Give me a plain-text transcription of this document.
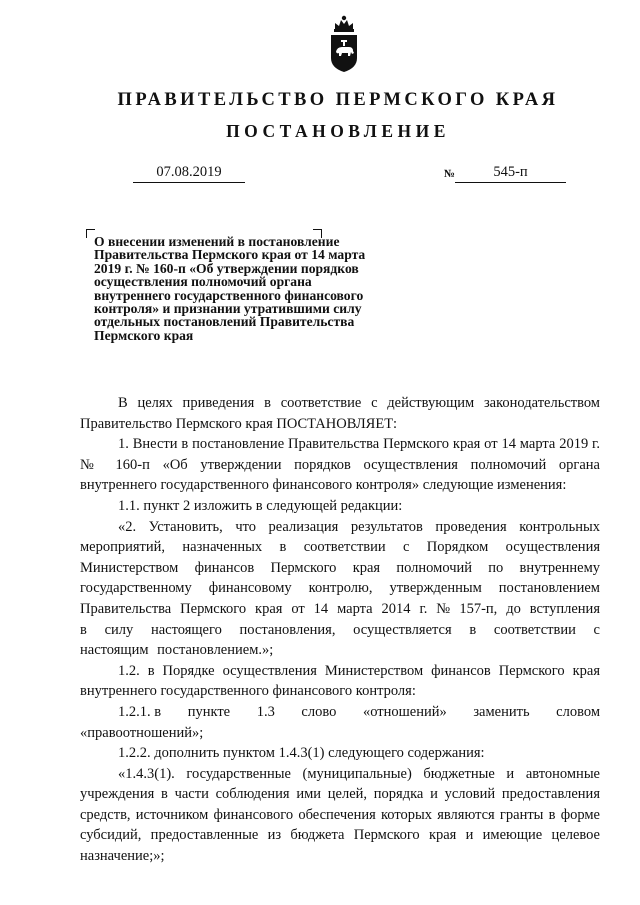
ПРАВИТЕЛЬСТВО ПЕРМСКОГО КРАЯ
ПОСТАНОВЛЕНИЕ
07.08.2019	№	545-п
О внесении изменений в постановление
Правительства Пермского края от 14 марта
2019 г. № 160-п «Об утверждении порядков
осуществления полномочий органа
внутреннего государственного финансового
контроля» и признании утратившими силу
отдельных постановлений Правительства
Пермского края

В целях приведения в соответствие с действующим законодательством Правительство Пермского края ПОСТАНОВЛЯЕТ:

1. Внести в постановление Правительства Пермского края от 14 марта 2019 г. № 160-п «Об утверждении порядков осуществления полномочий органа внутреннего государственного финансового контроля» следующие изменения:

1.1. пункт 2 изложить в следующей редакции:

«2. Установить, что реализация результатов проведения контрольных мероприятий, назначенных в соответствии с Порядком осуществления Министерством финансов Пермского края полномочий по внутреннему государственному финансовому контролю, утвержденным постановлением Правительства Пермского края от 14 марта 2014 г. № 157-п, до вступления в силу настоящего постановления, осуществляется в соответствии с настоящим постановлением.»;

1.2. в Порядке осуществления Министерством финансов Пермского края внутреннего государственного финансового контроля:

1.2.1. в пункте 1.3 слово «отношений» заменить словом

«правоотношений»;

1.2.2. дополнить пунктом 1.4.3(1) следующего содержания:

«1.4.3(1). государственные (муниципальные) бюджетные и автономные учреждения в части соблюдения ими целей, порядка и условий предоставления средств, источником финансового обеспечения которых являются гранты в форме субсидий, предоставленные из бюджета Пермского края и имеющие целевое назначение;»;
